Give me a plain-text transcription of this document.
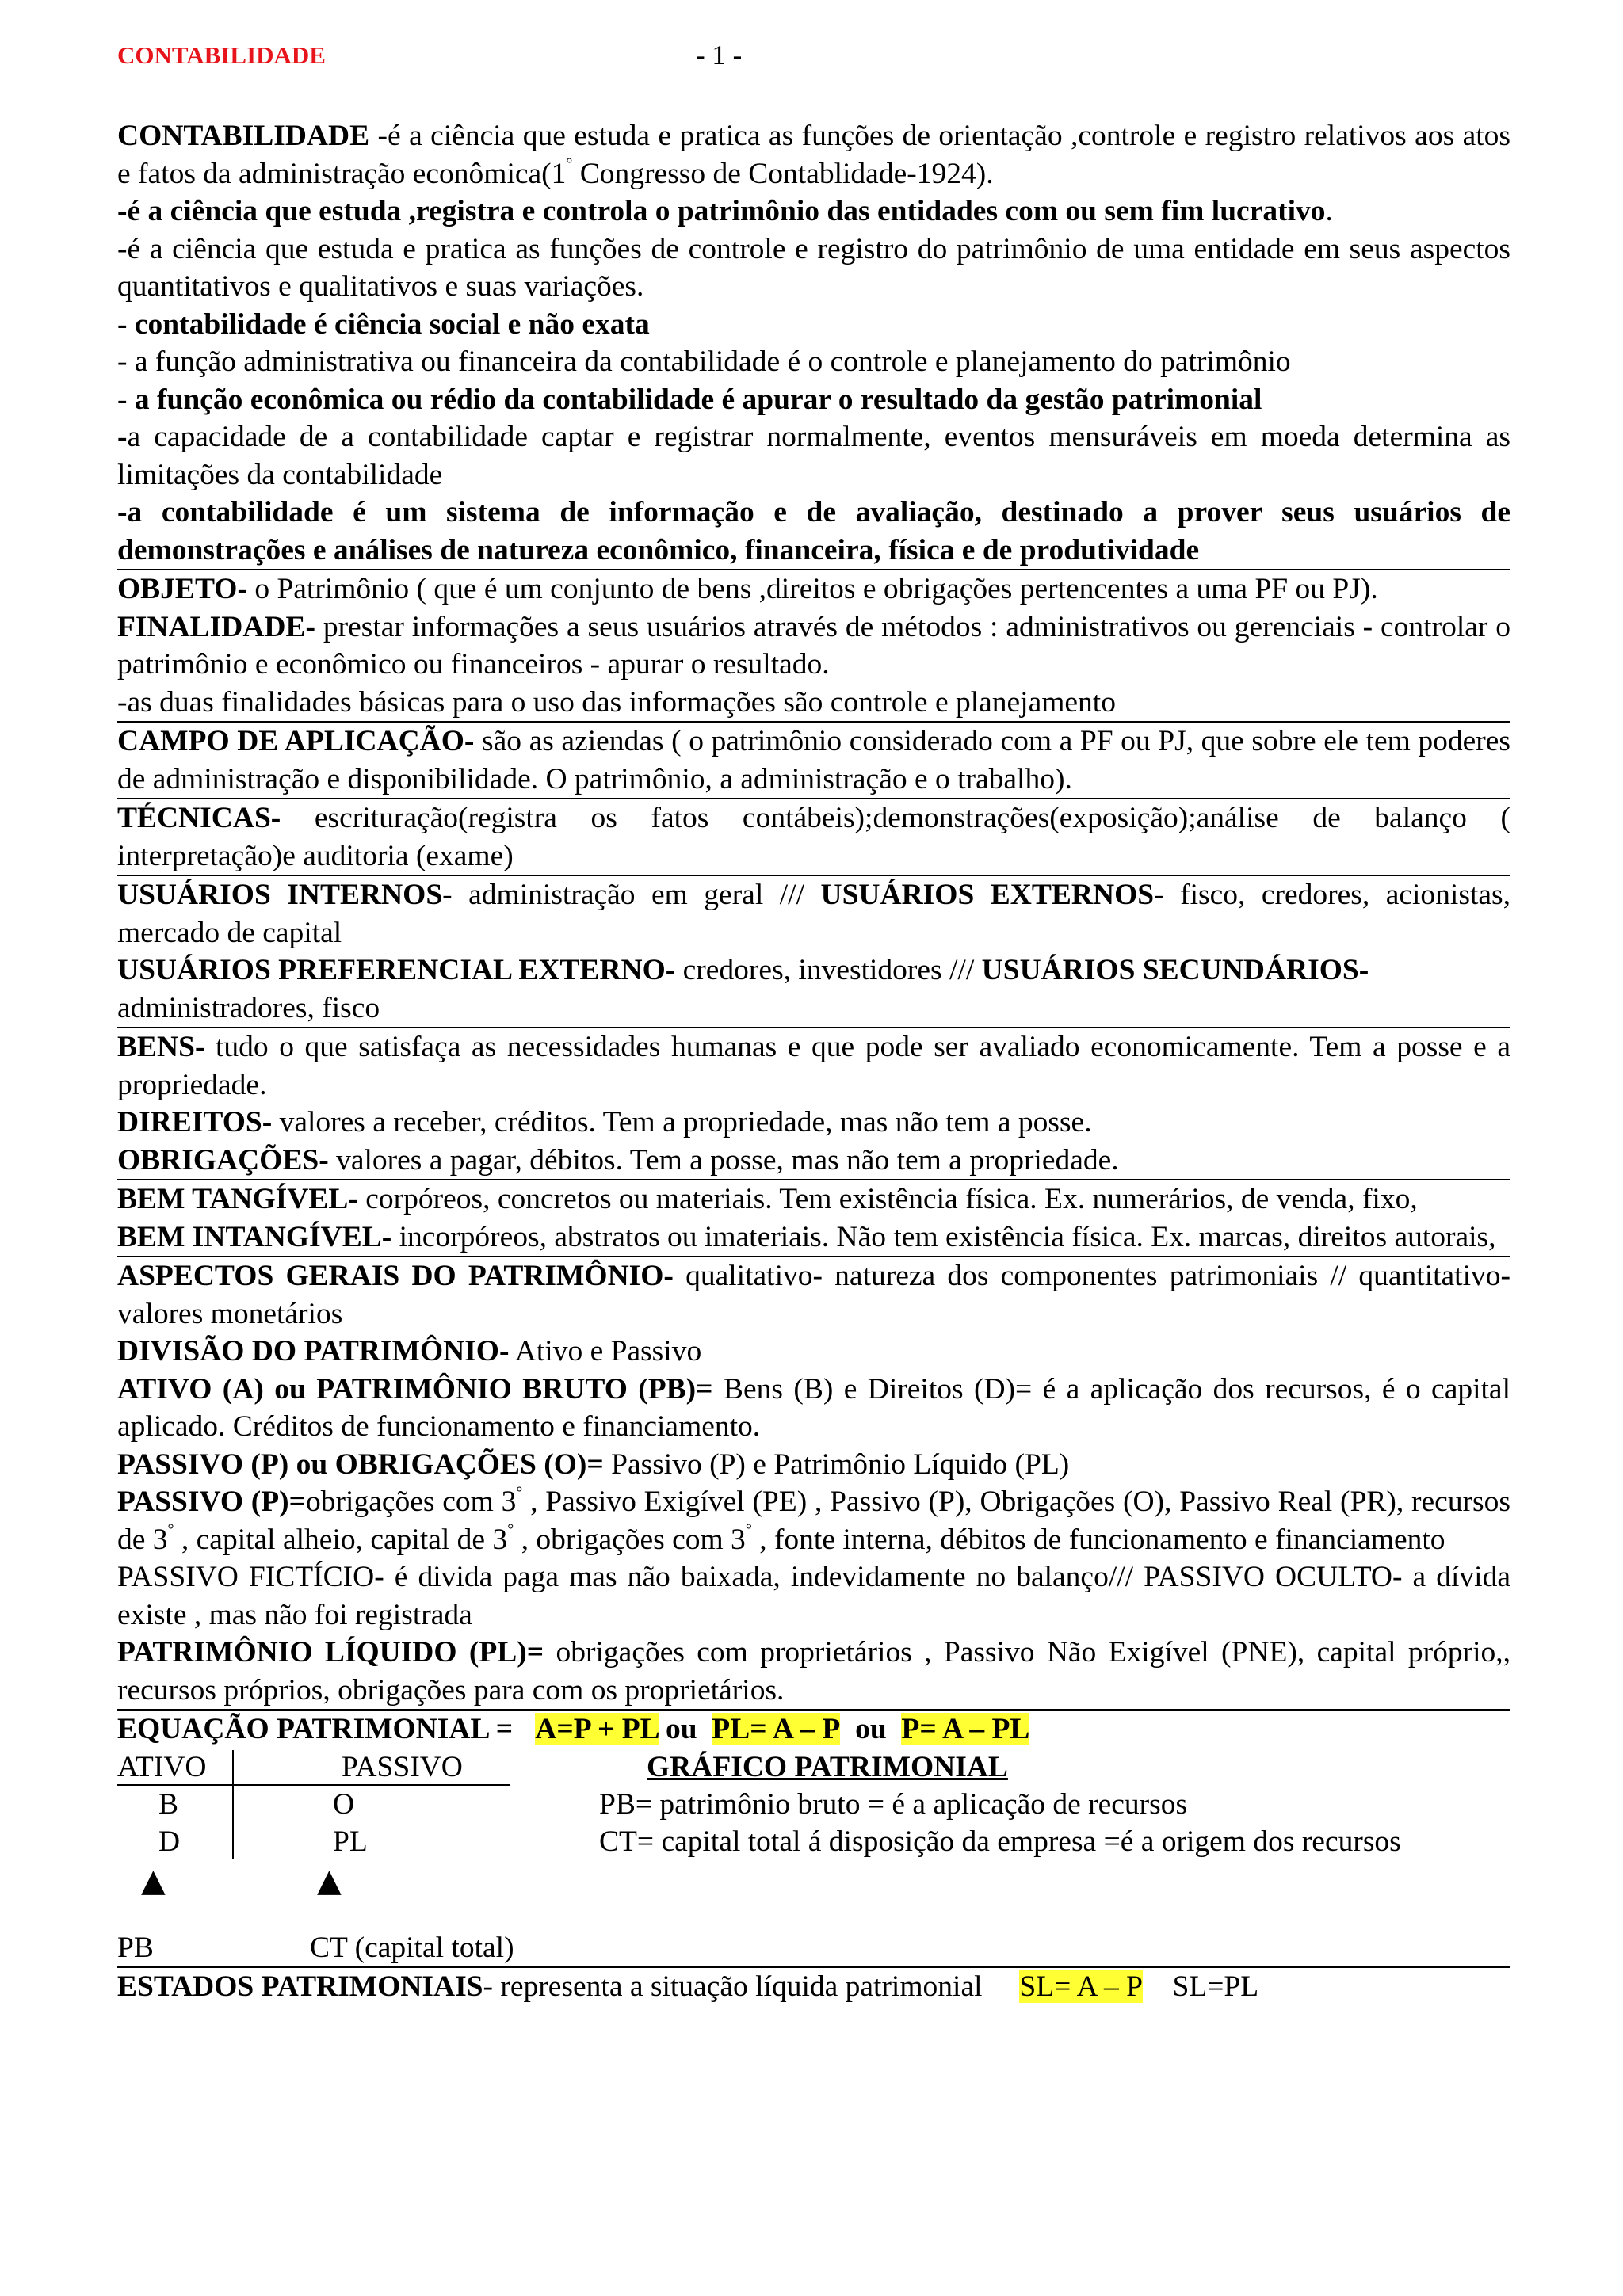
CONTABILIDADE	- 1 -

CONTABILIDADE -é a ciência que estuda e pratica as funções de orientação ,controle e registro relativos aos atos e fatos da administração econômica(1° Congresso de Contablidade-1924).

-é a ciência que estuda ,registra e controla o patrimônio das entidades com ou sem fim lucrativo.

-é a ciência que estuda e pratica as funções de controle e registro do patrimônio de uma entidade em seus aspectos quantitativos e qualitativos e suas variações.

- contabilidade é ciência social e não exata

- a função administrativa ou financeira da contabilidade é o controle e planejamento do patrimônio

- a função econômica ou rédio da contabilidade é apurar o resultado da gestão patrimonial

-a capacidade de a contabilidade captar e registrar normalmente, eventos mensuráveis em moeda determina as limitações da contabilidade

-a contabilidade é um sistema de informação e de avaliação, destinado a prover seus usuários de demonstrações e análises de natureza econômico, financeira, física e de produtividade

OBJETO- o Patrimônio ( que é um conjunto de bens ,direitos e obrigações pertencentes a uma PF ou PJ).

FINALIDADE- prestar informações a seus usuários através de métodos : administrativos ou gerenciais - controlar o patrimônio e econômico ou financeiros - apurar o resultado.

-as duas finalidades básicas para o uso das informações são controle e planejamento

CAMPO DE APLICAÇÃO- são as aziendas ( o patrimônio considerado com a PF ou PJ, que sobre ele tem poderes de administração e disponibilidade. O patrimônio, a administração e o trabalho).

TÉCNICAS- escrituração(registra os fatos contábeis);demonstrações(exposição);análise de balanço ( interpretação)e auditoria (exame)

USUÁRIOS INTERNOS- administração em geral /// USUÁRIOS EXTERNOS- fisco, credores, acionistas, mercado de capital

USUÁRIOS PREFERENCIAL EXTERNO- credores, investidores /// USUÁRIOS SECUNDÁRIOS-
administradores, fisco

BENS- tudo o que satisfaça as necessidades humanas e que pode ser avaliado economicamente. Tem a posse e a propriedade.

DIREITOS- valores a receber, créditos. Tem a propriedade, mas não tem a posse.

OBRIGAÇÕES- valores a pagar, débitos. Tem a posse, mas não tem a propriedade.

BEM TANGÍVEL- corpóreos, concretos ou materiais. Tem existência física. Ex. numerários, de venda, fixo,

BEM INTANGÍVEL- incorpóreos, abstratos ou imateriais. Não tem existência física. Ex. marcas, direitos autorais,

ASPECTOS GERAIS DO PATRIMÔNIO- qualitativo- natureza dos componentes patrimoniais // quantitativo- valores monetários

DIVISÃO DO PATRIMÔNIO- Ativo e Passivo

ATIVO (A) ou PATRIMÔNIO BRUTO (PB)= Bens (B) e Direitos (D)= é a aplicação dos recursos, é o capital aplicado. Créditos de funcionamento e financiamento.

PASSIVO (P) ou OBRIGAÇÕES (O)= Passivo (P) e Patrimônio Líquido (PL)

PASSIVO (P)=obrigações com 3° , Passivo Exigível (PE) , Passivo (P), Obrigações (O), Passivo Real (PR), recursos de 3° , capital alheio, capital de 3° , obrigações com 3° , fonte interna, débitos de funcionamento e financiamento

PASSIVO FICTÍCIO- é divida paga mas não baixada, indevidamente no balanço/// PASSIVO OCULTO- a dívida existe , mas não foi registrada

PATRIMÔNIO LÍQUIDO (PL)= obrigações com proprietários , Passivo Não Exigível (PNE), capital próprio,, recursos próprios, obrigações para com os proprietários.

EQUAÇÃO PATRIMONIAL = A=P + PL ou  PL= A – P  ou  P= A – PL

ATIVO	PASSIVO	GRÁFICO PATRIMONIAL
B	O	PB= patrimônio bruto = é a aplicação de recursos
D	PL	CT= capital total á disposição da empresa =é a origem dos recursos
▲	▲

PB	CT (capital total)

ESTADOS PATRIMONIAIS- representa a situação líquida patrimonial SL= A – P SL=PL
